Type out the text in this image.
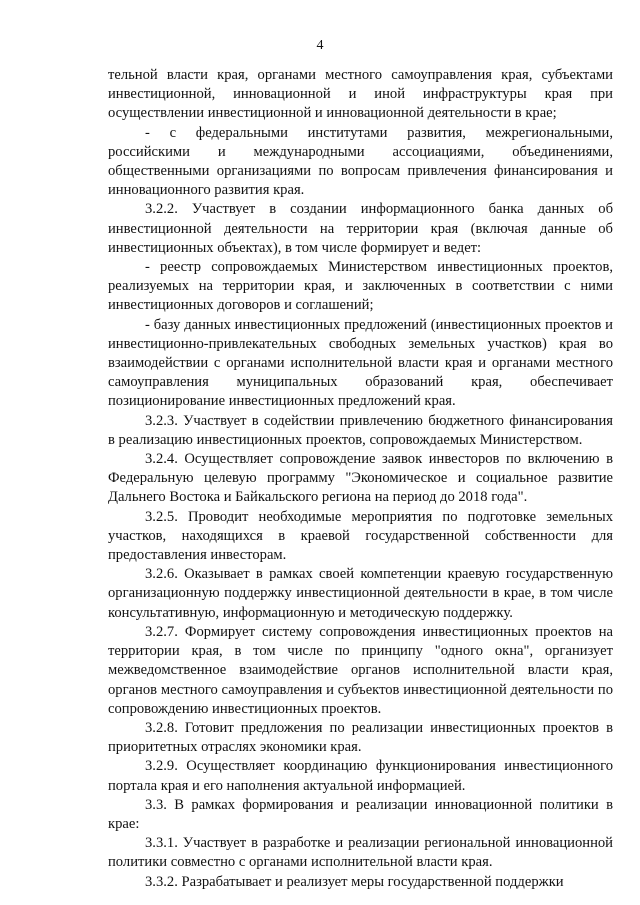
4

тельной власти края, органами местного самоуправления края, субъектами инвестиционной, инновационной и иной инфраструктуры края при осуществлении инвестиционной и инновационной деятельности в крае;

- с федеральными институтами развития, межрегиональными, российскими и международными ассоциациями, объединениями, общественными организациями по вопросам привлечения финансирования и инновационного развития края.

3.2.2. Участвует в создании информационного банка данных об инвестиционной деятельности на территории края (включая данные об инвестиционных объектах), в том числе формирует и ведет:

- реестр сопровождаемых Министерством инвестиционных проектов, реализуемых на территории края, и заключенных в соответствии с ними инвестиционных договоров и соглашений;

- базу данных инвестиционных предложений (инвестиционных проектов и инвестиционно-привлекательных свободных земельных участков) края во взаимодействии с органами исполнительной власти края и органами местного самоуправления муниципальных образований края, обеспечивает позиционирование инвестиционных предложений края.

3.2.3. Участвует в содействии привлечению бюджетного финансирования в реализацию инвестиционных проектов, сопровождаемых Министерством.

3.2.4. Осуществляет сопровождение заявок инвесторов по включению в Федеральную целевую программу "Экономическое и социальное развитие Дальнего Востока и Байкальского региона на период до 2018 года".

3.2.5. Проводит необходимые мероприятия по подготовке земельных участков, находящихся в краевой государственной собственности для предоставления инвесторам.

3.2.6. Оказывает в рамках своей компетенции краевую государственную организационную поддержку инвестиционной деятельности в крае, в том числе консультативную, информационную и методическую поддержку.

3.2.7. Формирует систему сопровождения инвестиционных проектов на территории края, в том числе по принципу "одного окна", организует межведомственное взаимодействие органов исполнительной власти края, органов местного самоуправления и субъектов инвестиционной деятельности по сопровождению инвестиционных проектов.

3.2.8. Готовит предложения по реализации инвестиционных проектов в приоритетных отраслях экономики края.

3.2.9. Осуществляет координацию функционирования инвестиционного портала края и его наполнения актуальной информацией.

3.3. В рамках формирования и реализации инновационной политики в крае:

3.3.1. Участвует в разработке и реализации региональной инновационной политики совместно с органами исполнительной власти края.

3.3.2. Разрабатывает и реализует меры государственной поддержки
